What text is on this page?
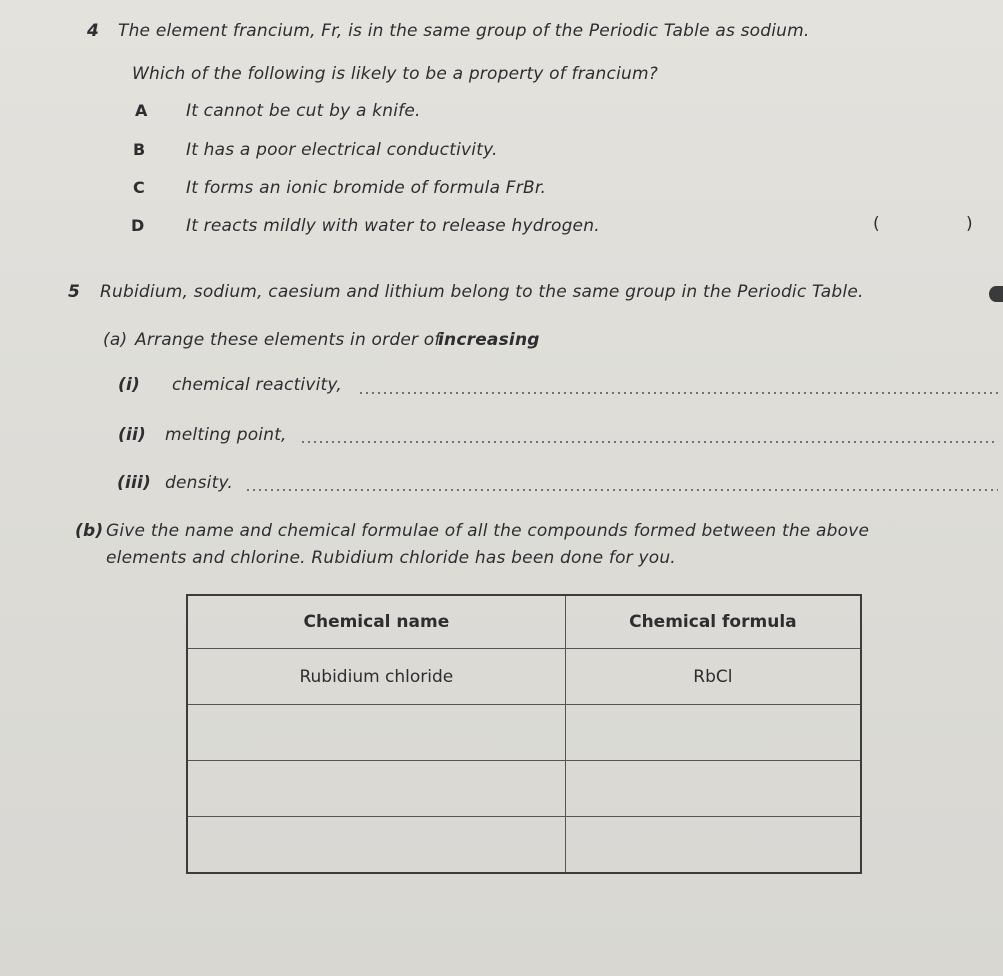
4 The element francium, Fr, is in the same group of the Periodic Table as sodium.
Which of the following is likely to be a property of francium?
A It cannot be cut by a knife.
B It has a poor electrical conductivity.
C It forms an ionic bromide of formula FrBr.
D It reacts mildly with water to release hydrogen.	(	)
5 Rubidium, sodium, caesium and lithium belong to the same group in the Periodic Table.
(a) Arrange these elements in order of
increasing
(i) chemical reactivity,
(ii) melting point,
(iii) density.
(b) Give the name and chemical formulae of all the compounds formed between the above
elements and chlorine. Rubidium chloride has been done for you.
Chemical name	Chemical formula
Rubidium chloride	RbCl
